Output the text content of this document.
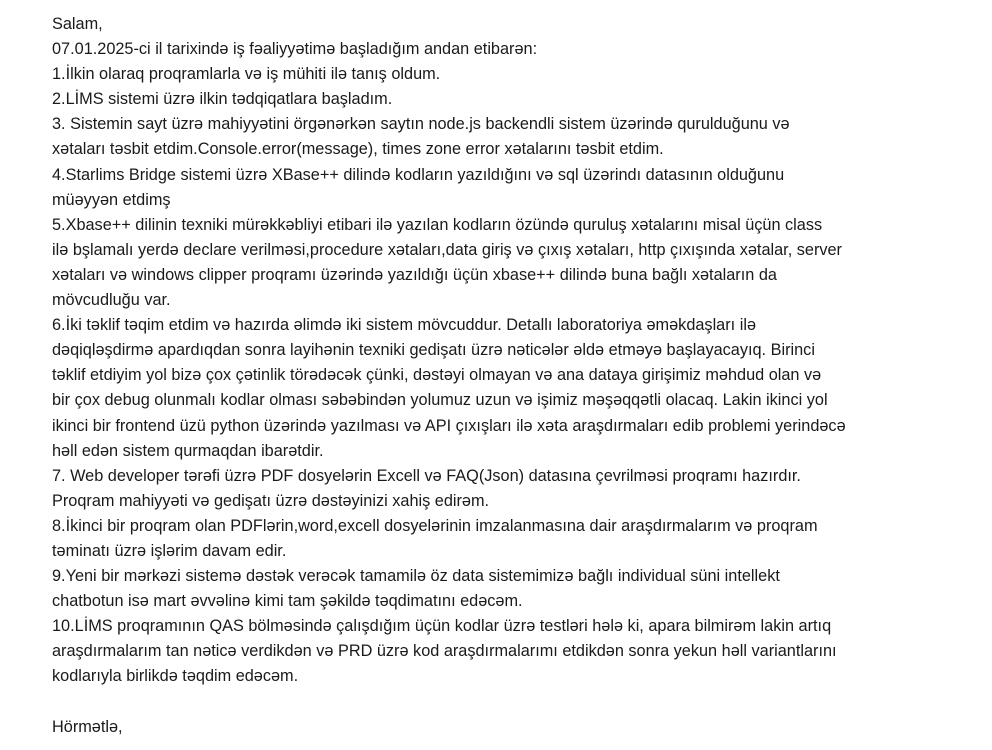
Salam,
07.01.2025-ci il tarixində iş fəaliyyətimə başladığım andan etibarən:
1.İlkin olaraq proqramlarla və iş mühiti ilə tanış oldum.
2.LİMS sistemi üzrə ilkin tədqiqatlara başladım.
3. Sistemin sayt üzrə mahiyyətini örgənərkən saytın node.js backendli sistem üzərində qurulduğunu və
xətaları təsbit etdim.Console.error(message), times zone error xətalarını təsbit etdim.
4.Starlims Bridge sistemi üzrə XBase++ dilində kodların yazıldığını və sql üzərindı datasının olduğunu
müəyyən etdimş
5.Xbase++ dilinin texniki mürəkkəbliyi etibari ilə yazılan kodların özündə quruluş xətalarını misal üçün class
ilə bşlamalı yerdə declare verilməsi,procedure xətaları,data giriş və çıxış xətaları, http çıxışında xətalar, server
xətaları və windows clipper proqramı üzərində yazıldığı üçün xbase++ dilində buna bağlı xətaların da
mövcudluğu var.
6.İki təklif təqim etdim və hazırda əlimdə iki sistem mövcuddur. Detallı laboratoriya əməkdaşları ilə
dəqiqləşdirmə apardıqdan sonra layihənin texniki gedişatı üzrə nəticələr əldə etməyə başlayacayıq. Birinci
təklif etdiyim yol bizə çox çətinlik törədəcək çünki, dəstəyi olmayan və ana dataya girişimiz məhdud olan və
bir çox debug olunmalı kodlar olması səbəbindən yolumuz uzun və işimiz məşəqqətli olacaq. Lakin ikinci yol
ikinci bir frontend üzü python üzərində yazılması və API çıxışları ilə xəta araşdırmaları edib problemi yerindəcə
həll edən sistem qurmaqdan ibarətdir.
7. Web developer tərəfi üzrə PDF dosyelərin Excell və FAQ(Json) datasına çevrilməsi proqramı hazırdır.
Proqram mahiyyəti və gedişatı üzrə dəstəyinizi xahiş edirəm.
8.İkinci bir proqram olan PDFlərin,word,excell dosyelərinin imzalanmasına dair araşdırmalarım və proqram
təminatı üzrə işlərim davam edir.
9.Yeni bir mərkəzi sistemə dəstək verəcək tamamilə öz data sistemimizə bağlı individual süni intellekt
chatbotun isə mart əvvəlinə kimi tam şəkildə təqdimatını edəcəm.
10.LİMS proqramının QAS bölməsində çalışdığım üçün kodlar üzrə testləri hələ ki, apara bilmirəm lakin artıq
araşdırmalarım tan nəticə verdikdən və PRD üzrə kod araşdırmalarımı etdikdən sonra yekun həll variantlarını
kodlarıyla birlikdə təqdim edəcəm.
Hörmətlə,
